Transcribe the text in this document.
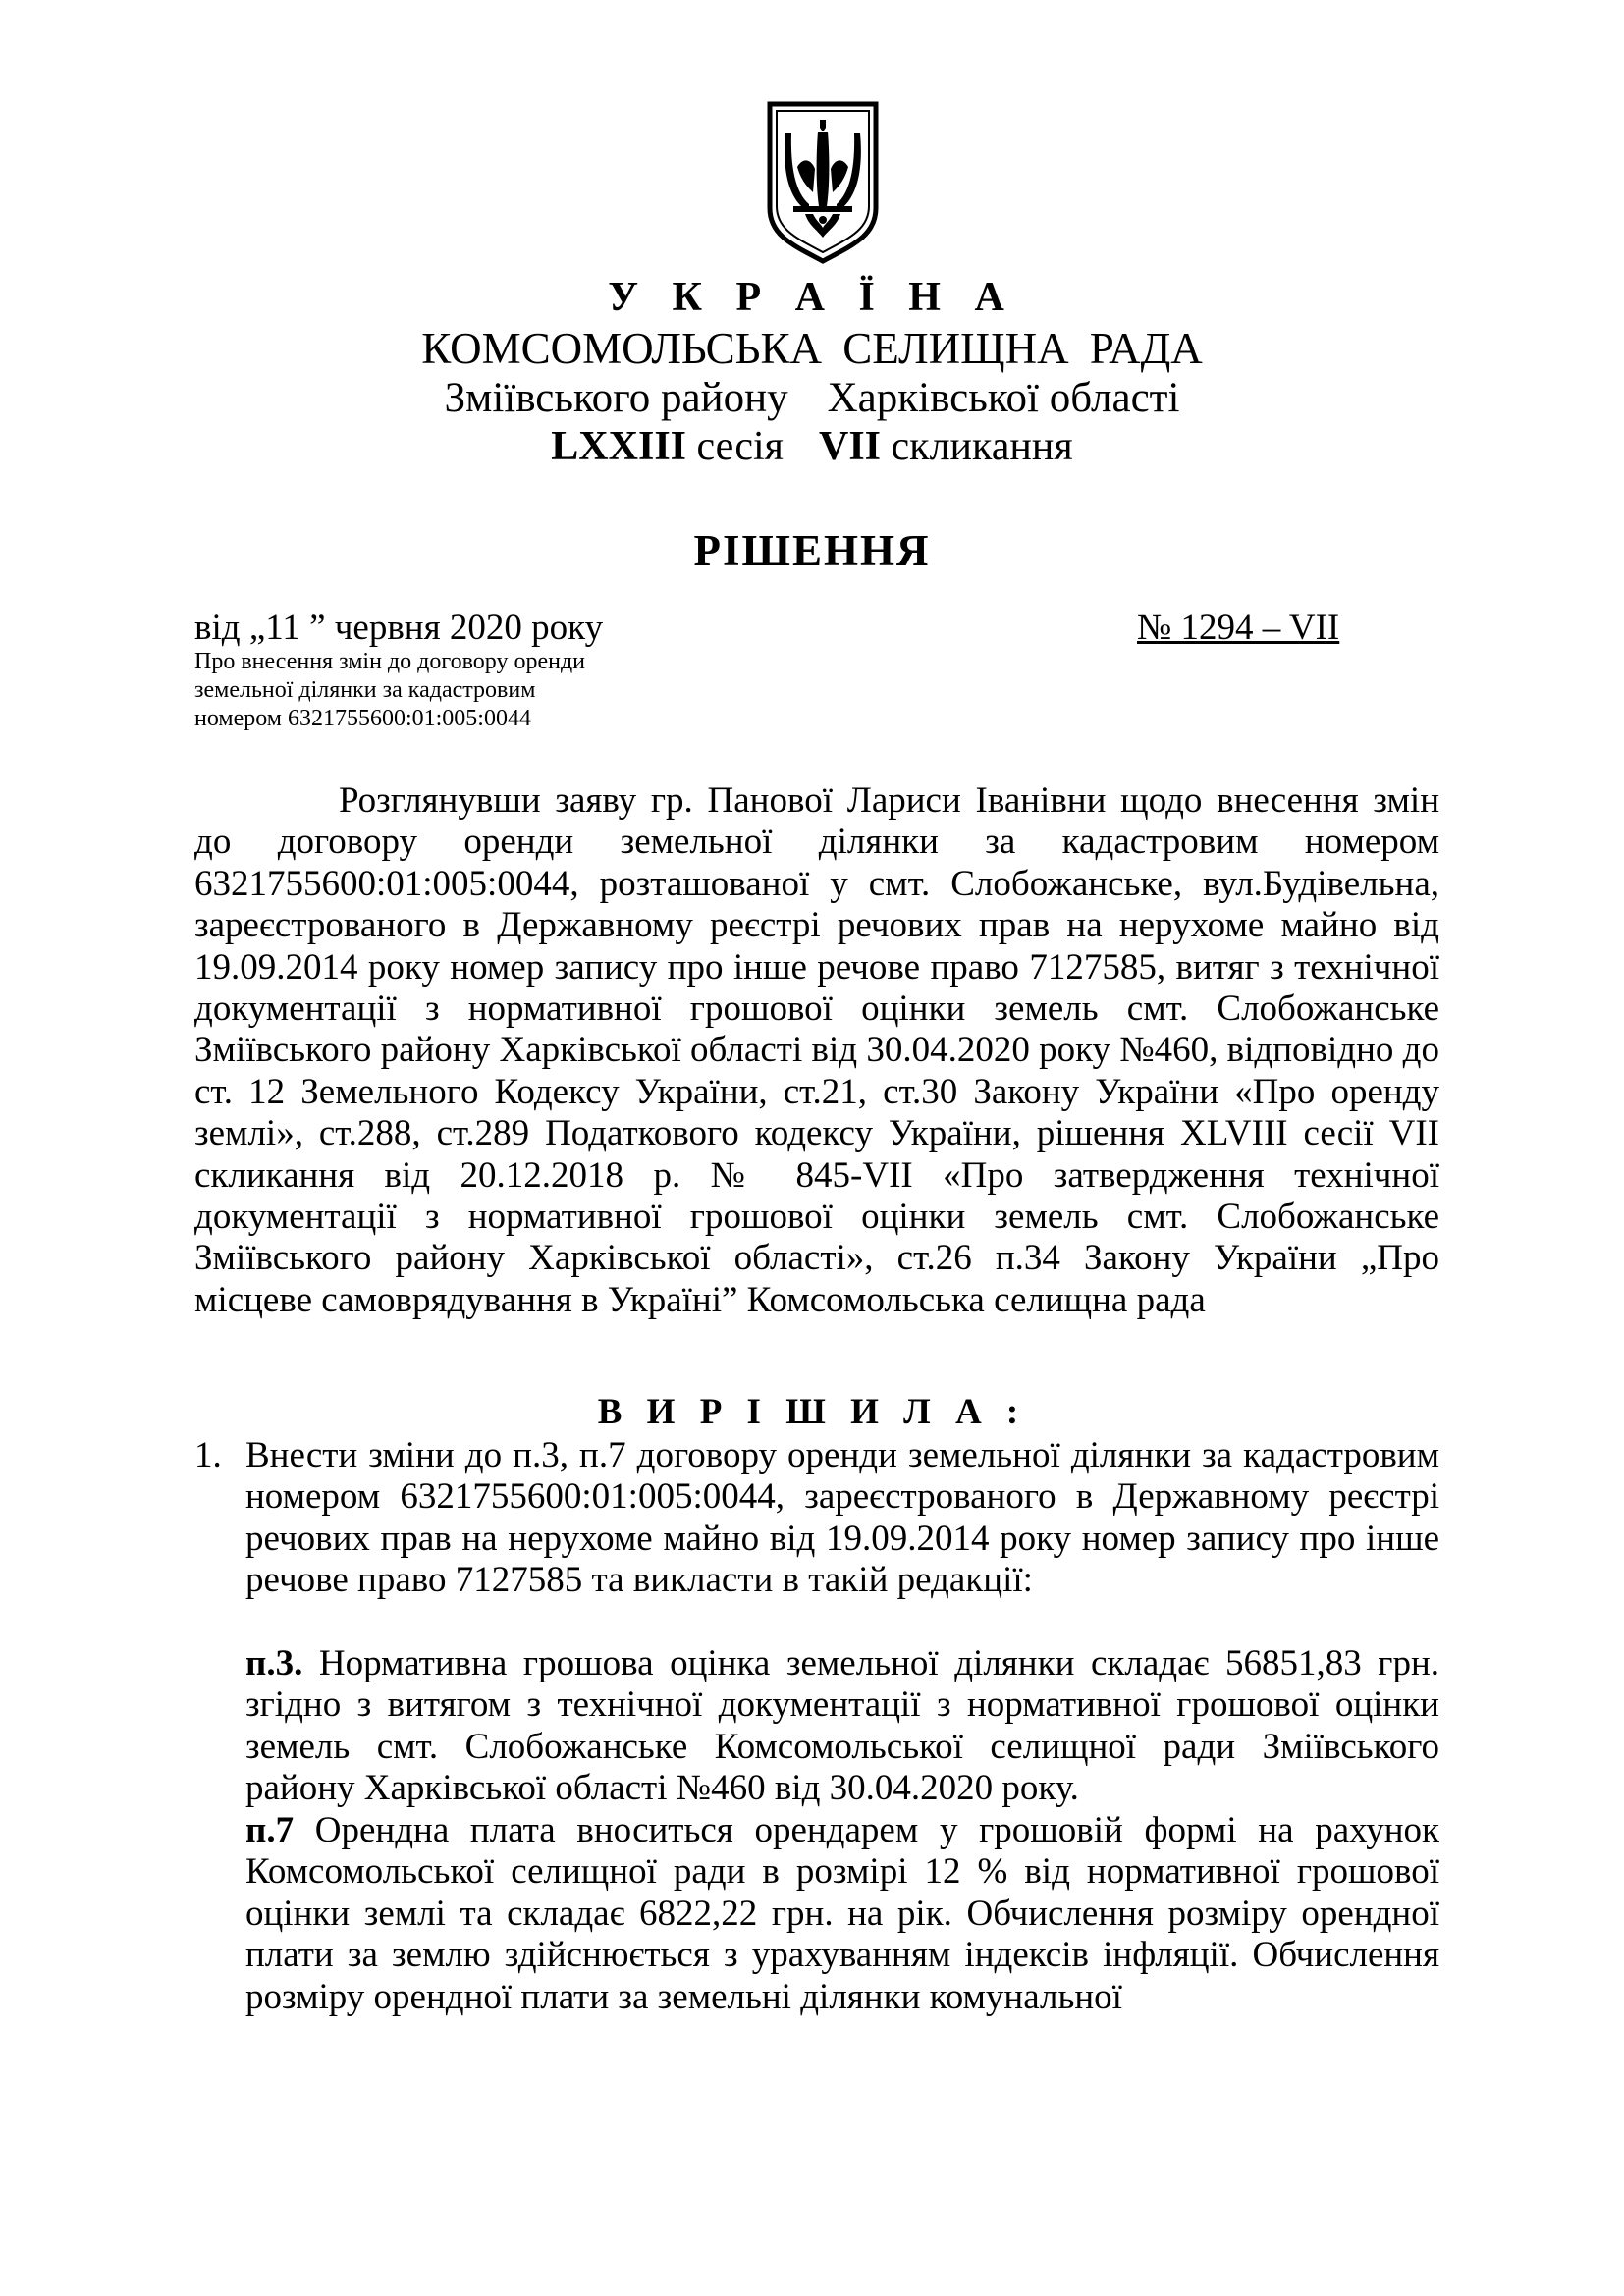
У К Р А Ї Н А
КОМСОМОЛЬСЬКА СЕЛИЩНА РАДА
Зміївського району Харківської області
LXXIII сесія VII скликання
РІШЕННЯ
від „11 ” червня 2020 року	№ 1294 – VII
Про внесення змін до договору оренди
земельної ділянки за кадастровим
номером 6321755600:01:005:0044
Розглянувши заяву гр. Панової Лариси Іванівни щодо внесення змін до договору оренди земельної ділянки за кадастровим номером 6321755600:01:005:0044, розташованої у смт. Слобожанське, вул.Будівельна, зареєстрованого в Державному реєстрі речових прав на нерухоме майно від 19.09.2014 року номер запису про інше речове право 7127585, витяг з технічної документації з нормативної грошової оцінки земель смт. Слобожанське Зміївського району Харківської області від 30.04.2020 року №460, відповідно до ст. 12 Земельного Кодексу України, ст.21, ст.30 Закону України «Про оренду землі», ст.288, ст.289 Податкового кодексу України, рішення XLVIII сесії VII скликання від 20.12.2018 р. № 845-VII «Про затвердження технічної документації з нормативної грошової оцінки земель смт. Слобожанське Зміївського району Харківської області», ст.26 п.34 Закону України „Про місцеве самоврядування в Україні” Комсомольська селищна рада
В И Р І Ш И Л А :
1. Внести зміни до п.3, п.7 договору оренди земельної ділянки за кадастровим номером 6321755600:01:005:0044, зареєстрованого в Державному реєстрі речових прав на нерухоме майно від 19.09.2014 року номер запису про інше речове право 7127585 та викласти в такій редакції:
п.3. Нормативна грошова оцінка земельної ділянки складає 56851,83 грн. згідно з витягом з технічної документації з нормативної грошової оцінки земель смт. Слобожанське Комсомольської селищної ради Зміївського району Харківської області №460 від 30.04.2020 року.
п.7 Орендна плата вноситься орендарем у грошовій формі на рахунок Комсомольської селищної ради в розмірі 12 % від нормативної грошової оцінки землі та складає 6822,22 грн. на рік. Обчислення розміру орендної плати за землю здійснюється з урахуванням індексів інфляції. Обчислення розміру орендної плати за земельні ділянки комунальної
